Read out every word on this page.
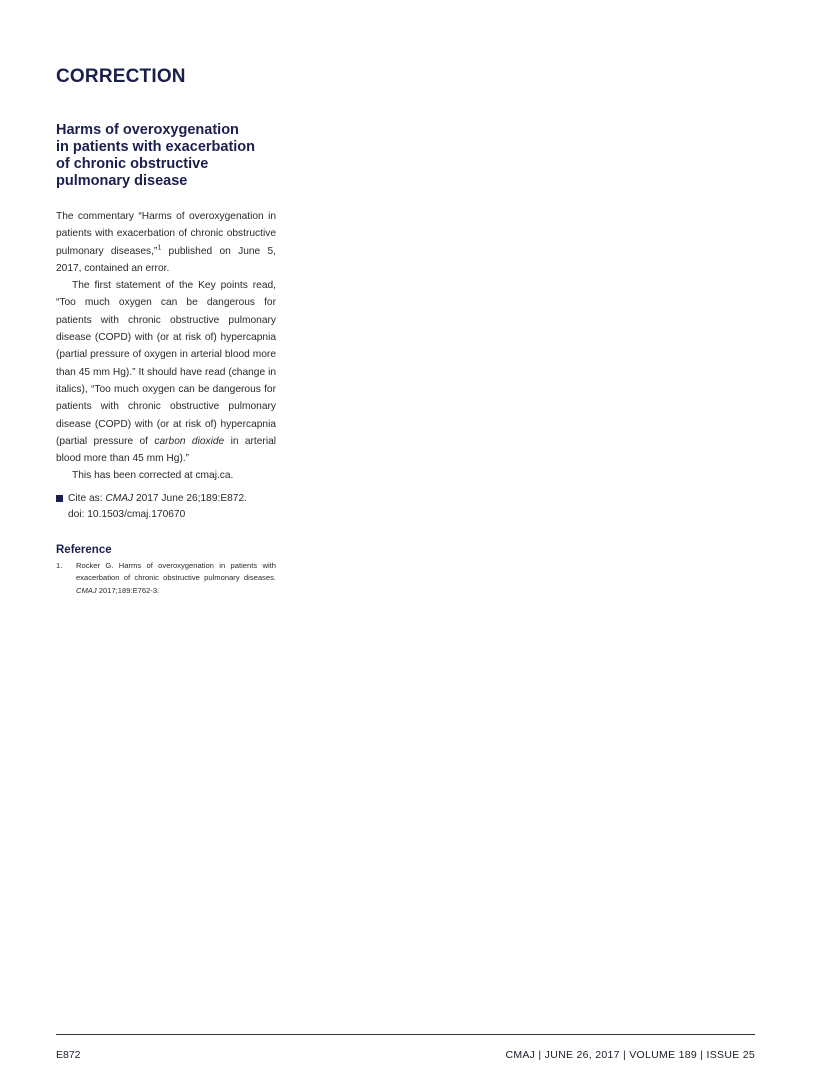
CORRECTION
Harms of overoxygenation
in patients with exacerbation
of chronic obstructive
pulmonary disease

The commentary “Harms of overoxygenation in patients with exacerbation of chronic obstructive pulmonary diseases,”$^1$ published on June 5, 2017, contained an error.

The first statement of the Key points read, “Too much oxygen can be dangerous for patients with chronic obstructive pulmonary disease (COPD) with (or at risk of) hypercapnia (partial pressure of oxygen in arterial blood more than 45 mm Hg).” It should have read (change in italics), “Too much oxygen can be dangerous for patients with chronic obstructive pulmonary disease (COPD) with (or at risk of) hypercapnia (partial pressure of carbon dioxide in arterial blood more than 45 mm Hg).”

This has been corrected at cmaj.ca.

Cite as: CMAJ 2017 June 26;189:E872.
doi: 10.1503/cmaj.170670
Reference
1.	Rocker G. Harms of overoxygenation in patients with exacerbation of chronic obstructive pulmonary diseases. CMAJ 2017;189:E762-3.
E872	CMAJ | JUNE 26, 2017 | VOLUME 189 | ISSUE 25
